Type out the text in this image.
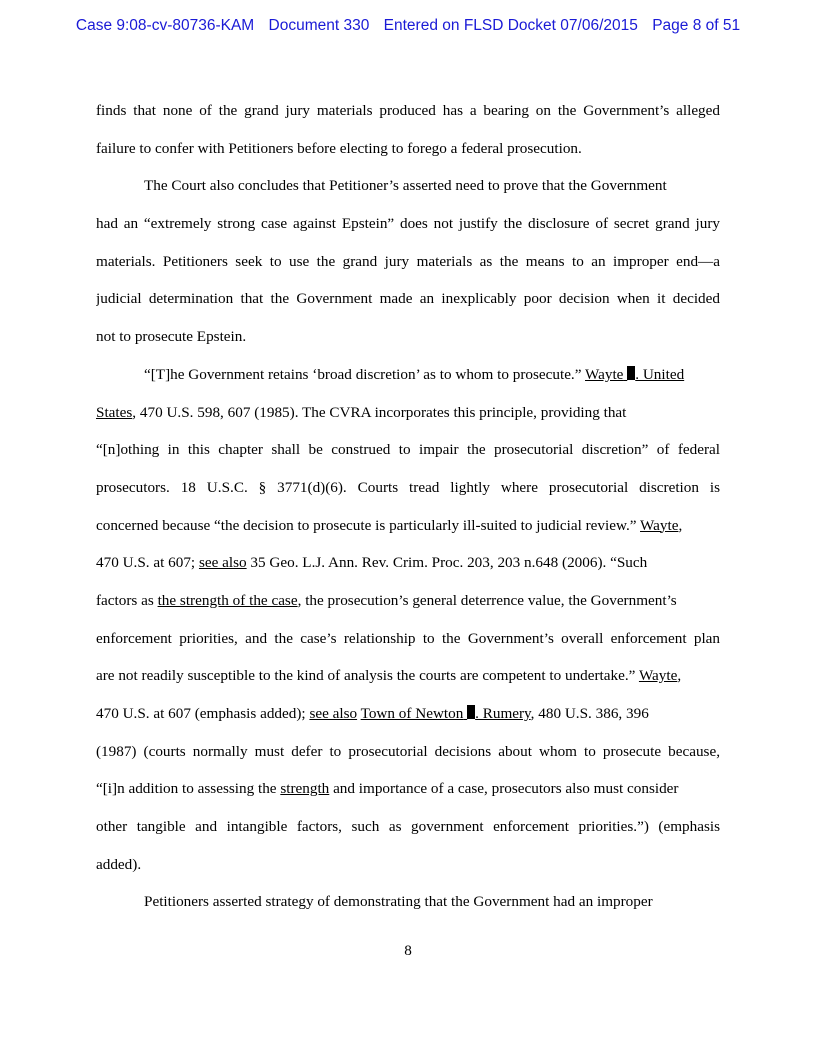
Case 9:08-cv-80736-KAM Document 330 Entered on FLSD Docket 07/06/2015 Page 8 of 51
finds that none of the grand jury materials produced has a bearing on the Government’s alleged
failure to confer with Petitioners before electing to forego a federal prosecution.
The Court also concludes that Petitioner’s asserted need to prove that the Government
had an “extremely strong case against Epstein” does not justify the disclosure of secret grand jury
materials. Petitioners seek to use the grand jury materials as the means to an improper end—a
judicial determination that the Government made an inexplicably poor decision when it decided
not to prosecute Epstein.
“[T]he Government retains ‘broad discretion’ as to whom to prosecute.” Wayte . United
States, 470 U.S. 598, 607 (1985). The CVRA incorporates this principle, providing that
“[n]othing in this chapter shall be construed to impair the prosecutorial discretion” of federal
prosecutors. 18 U.S.C. § 3771(d)(6). Courts tread lightly where prosecutorial discretion is
concerned because “the decision to prosecute is particularly ill-suited to judicial review.” Wayte,
470 U.S. at 607; see also 35 Geo. L.J. Ann. Rev. Crim. Proc. 203, 203 n.648 (2006). “Such
factors as the strength of the case, the prosecution’s general deterrence value, the Government’s
enforcement priorities, and the case’s relationship to the Government’s overall enforcement plan
are not readily susceptible to the kind of analysis the courts are competent to undertake.” Wayte,
470 U.S. at 607 (emphasis added); see also Town of Newton . Rumery, 480 U.S. 386, 396
(1987) (courts normally must defer to prosecutorial decisions about whom to prosecute because,
“[i]n addition to assessing the strength and importance of a case, prosecutors also must consider
other tangible and intangible factors, such as government enforcement priorities.”) (emphasis
added).
Petitioners asserted strategy of demonstrating that the Government had an improper
8
